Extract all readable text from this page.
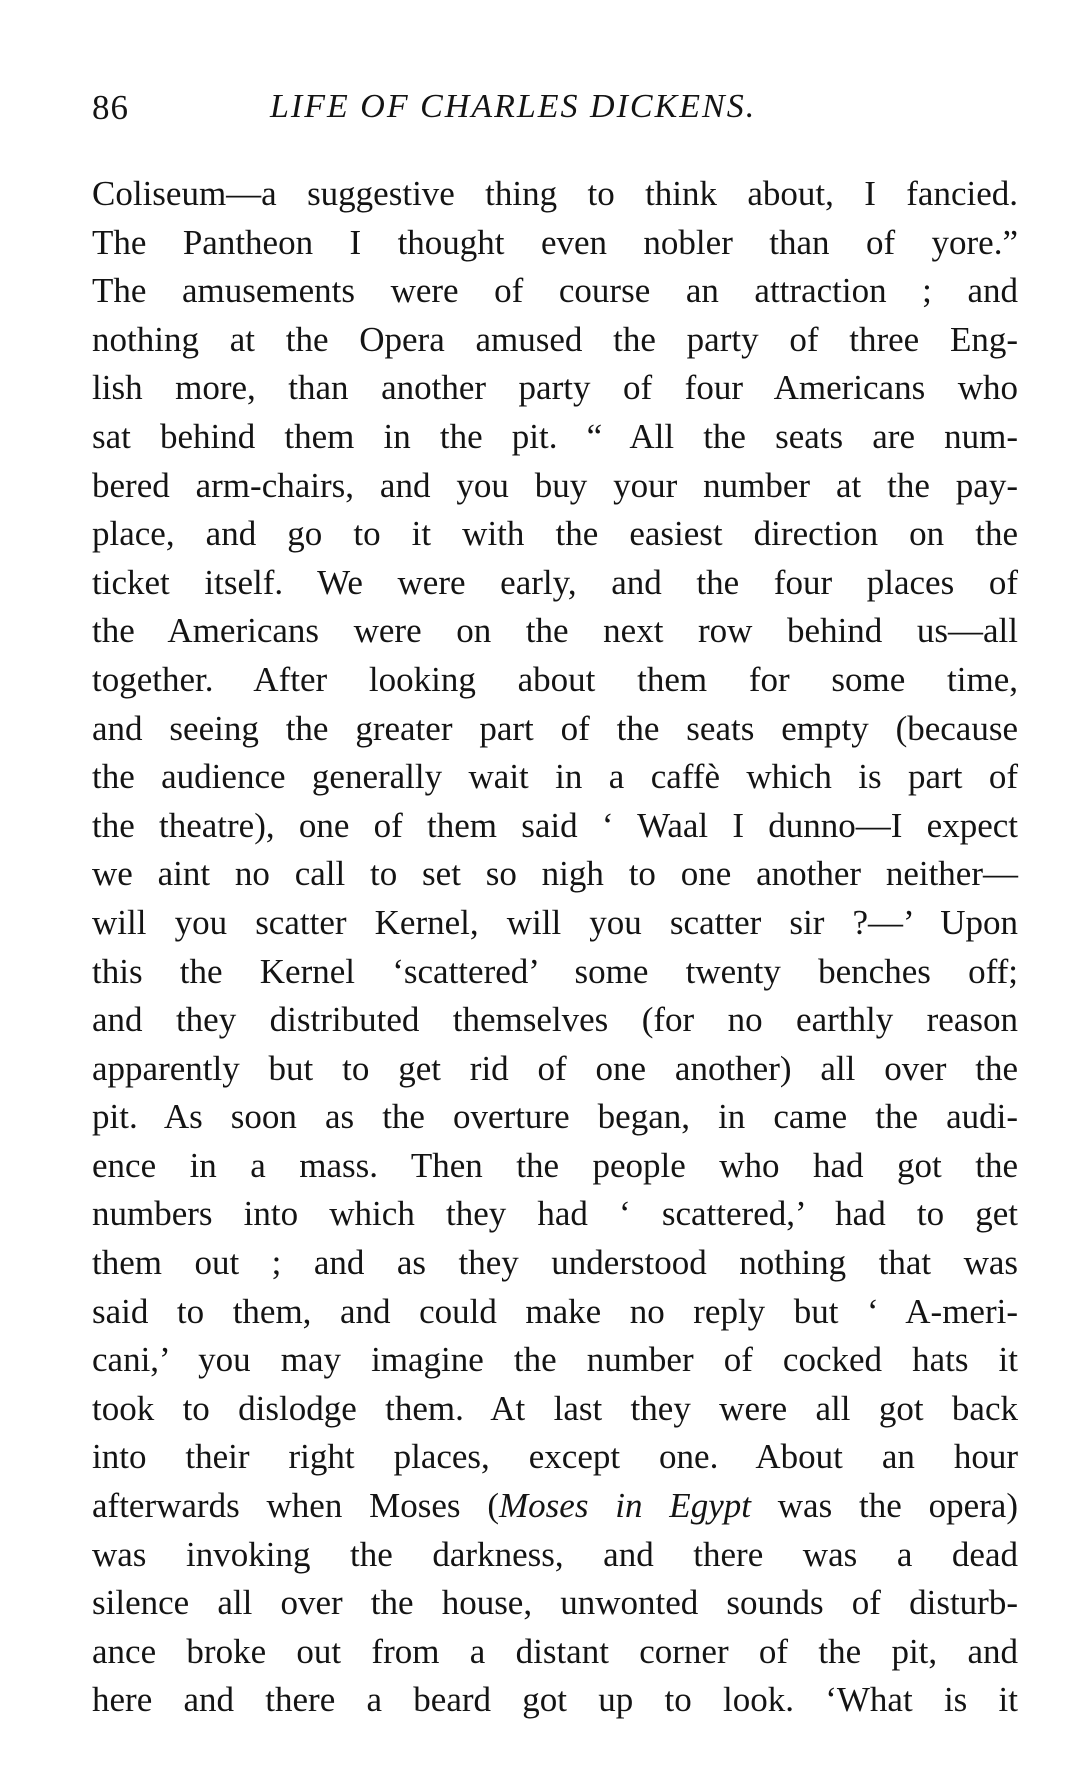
86	LIFE OF CHARLES DICKENS.
Coliseum—a suggestive thing to think about, I fancied.
The Pantheon I thought even nobler than of yore.”
The amusements were of course an attraction ; and
nothing at the Opera amused the party of three Eng-
lish more, than another party of four Americans who
sat behind them in the pit. “ All the seats are num-
bered arm-chairs, and you buy your number at the pay-
place, and go to it with the easiest direction on the
ticket itself. We were early, and the four places of
the Americans were on the next row behind us—all
together. After looking about them for some time,
and seeing the greater part of the seats empty (because
the audience generally wait in a caffè which is part of
the theatre), one of them said ‘ Waal I dunno—I expect
we aint no call to set so nigh to one another neither—
will you scatter Kernel, will you scatter sir ?—’ Upon
this the Kernel ‘scattered’ some twenty benches off;
and they distributed themselves (for no earthly reason
apparently but to get rid of one another) all over the
pit. As soon as the overture began, in came the audi-
ence in a mass. Then the people who had got the
numbers into which they had ‘ scattered,’ had to get
them out ; and as they understood nothing that was
said to them, and could make no reply but ‘ A-meri-
cani,’ you may imagine the number of cocked hats it
took to dislodge them. At last they were all got back
into their right places, except one. About an hour
afterwards when Moses (Moses in Egypt was the opera)
was invoking the darkness, and there was a dead
silence all over the house, unwonted sounds of disturb-
ance broke out from a distant corner of the pit, and
here and there a beard got up to look. ‘What is it
